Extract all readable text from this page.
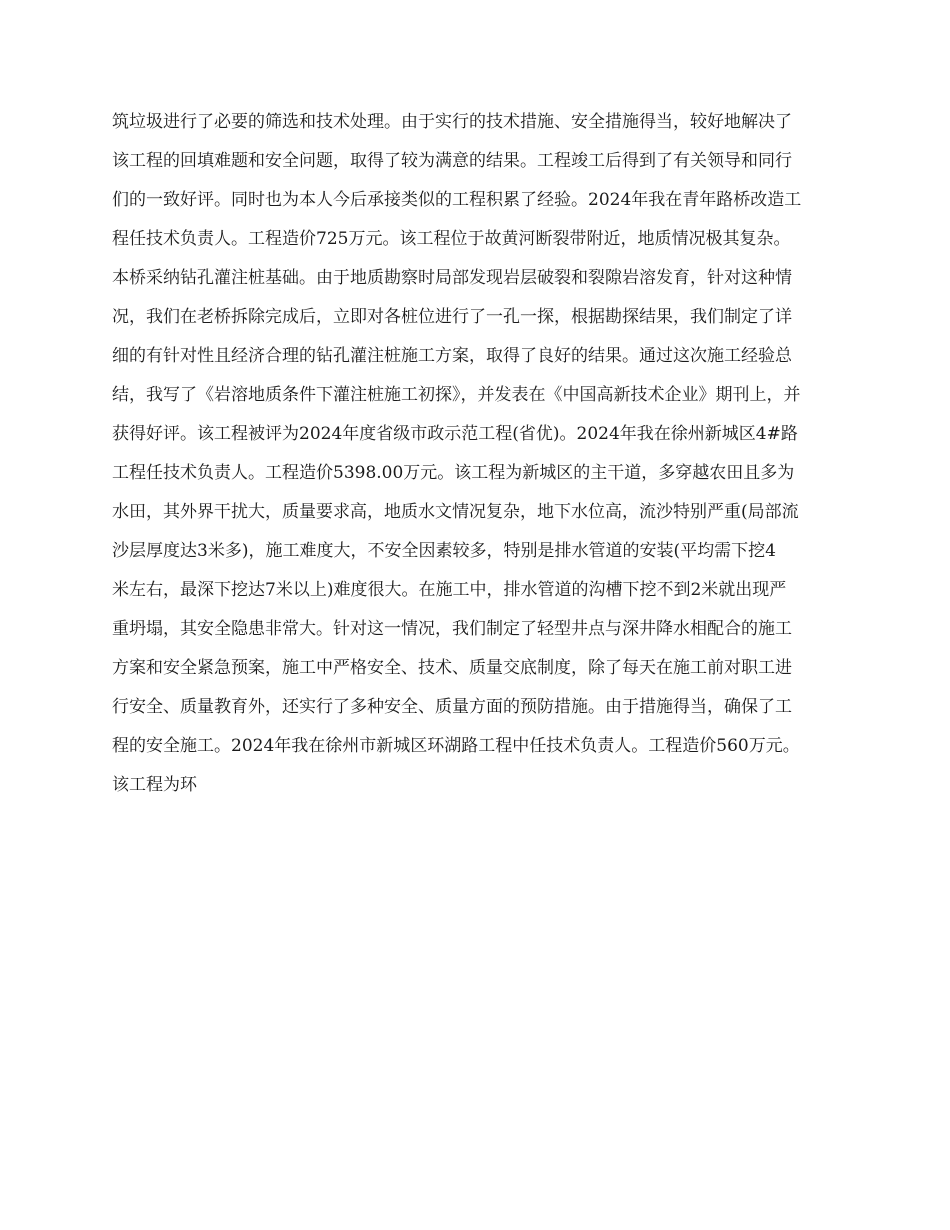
筑垃圾进行了必要的筛选和技术处理。由于实行的技术措施、安全措施得当，较好地解决了

该工程的回填难题和安全问题，取得了较为满意的结果。工程竣工后得到了有关领导和同行

们的一致好评。同时也为本人今后承接类似的工程积累了经验。2024年我在青年路桥改造工

程任技术负责人。工程造价725万元。该工程位于故黄河断裂带附近，地质情况极其复杂。

本桥采纳钻孔灌注桩基础。由于地质勘察时局部发现岩层破裂和裂隙岩溶发育，针对这种情

况，我们在老桥拆除完成后，立即对各桩位进行了一孔一探，根据勘探结果，我们制定了详

细的有针对性且经济合理的钻孔灌注桩施工方案，取得了良好的结果。通过这次施工经验总

结，我写了《岩溶地质条件下灌注桩施工初探》，并发表在《中国高新技术企业》期刊上，并

获得好评。该工程被评为2024年度省级市政示范工程(省优)。2024年我在徐州新城区4#路

工程任技术负责人。工程造价5398.00万元。该工程为新城区的主干道，多穿越农田且多为

水田，其外界干扰大，质量要求高，地质水文情况复杂，地下水位高，流沙特别严重(局部流

沙层厚度达3米多)，施工难度大，不安全因素较多，特别是排水管道的安装(平均需下挖4

米左右，最深下挖达7米以上)难度很大。在施工中，排水管道的沟槽下挖不到2米就出现严

重坍塌，其安全隐患非常大。针对这一情况，我们制定了轻型井点与深井降水相配合的施工

方案和安全紧急预案，施工中严格安全、技术、质量交底制度，除了每天在施工前对职工进

行安全、质量教育外，还实行了多种安全、质量方面的预防措施。由于措施得当，确保了工

程的安全施工。2024年我在徐州市新城区环湖路工程中任技术负责人。工程造价560万元。

该工程为环
